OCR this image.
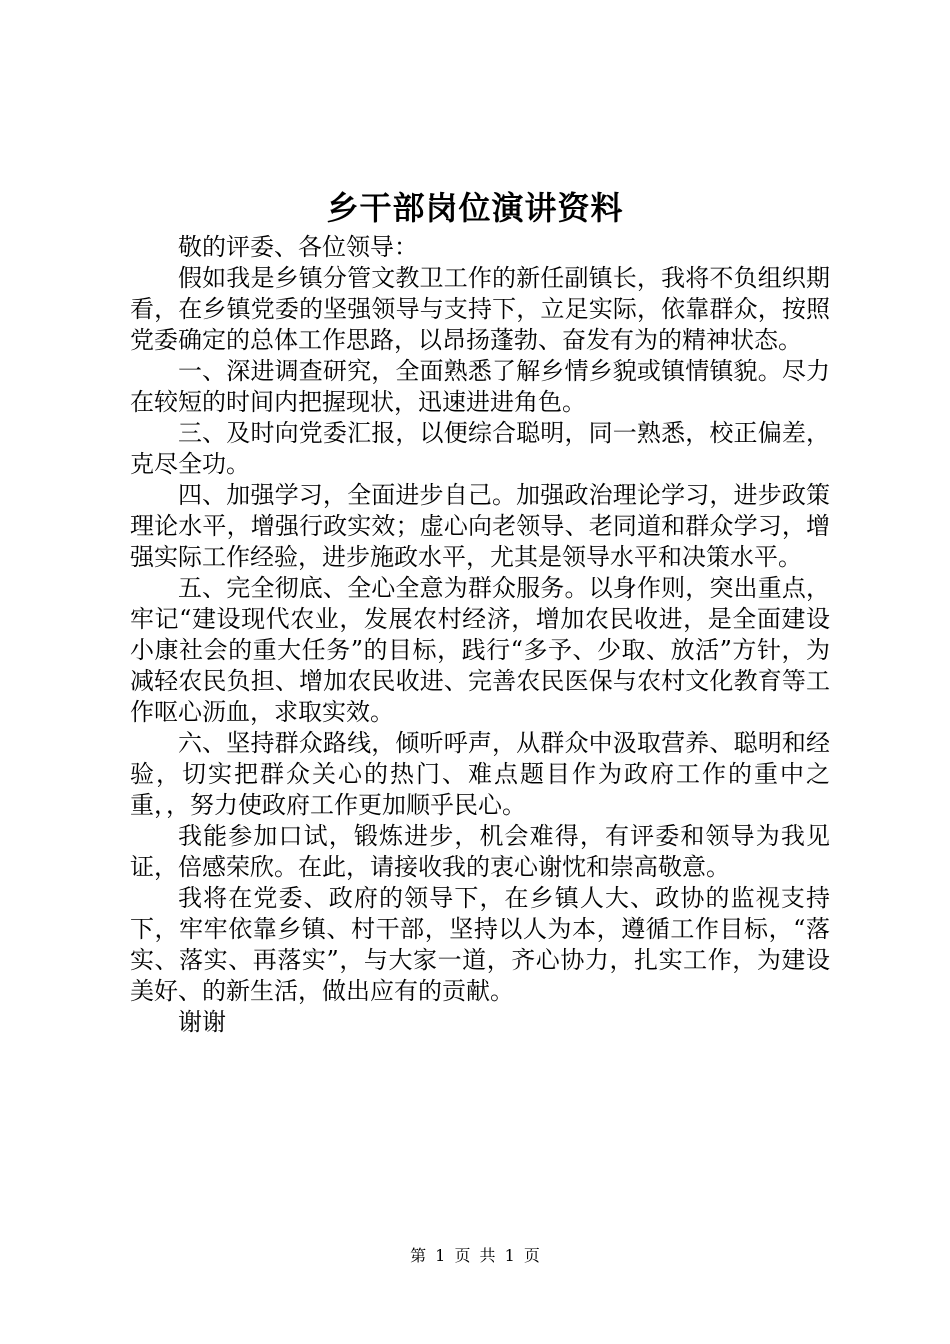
乡干部岗位演讲资料

敬的评委、各位领导：

假如我是乡镇分管文教卫工作的新任副镇长，我将不负组织期看，在乡镇党委的坚强领导与支持下，立足实际，依靠群众，按照党委确定的总体工作思路，以昂扬蓬勃、奋发有为的精神状态。

一、深进调查研究，全面熟悉了解乡情乡貌或镇情镇貌。尽力在较短的时间内把握现状，迅速进进角色。

三、及时向党委汇报，以便综合聪明，同一熟悉，校正偏差，克尽全功。

四、加强学习，全面进步自己。加强政治理论学习，进步政策理论水平，增强行政实效；虚心向老领导、老同道和群众学习，增强实际工作经验，进步施政水平，尤其是领导水平和决策水平。

五、完全彻底、全心全意为群众服务。以身作则，突出重点，牢记“建设现代农业，发展农村经济，增加农民收进，是全面建设小康社会的重大任务”的目标，践行“多予、少取、放活”方针，为减轻农民负担、增加农民收进、完善农民医保与农村文化教育等工作呕心沥血，求取实效。

六、坚持群众路线，倾听呼声，从群众中汲取营养、聪明和经验，切实把群众关心的热门、难点题目作为政府工作的重中之重，，努力使政府工作更加顺乎民心。

我能参加口试，锻炼进步，机会难得，有评委和领导为我见证，倍感荣欣。在此，请接收我的衷心谢忱和崇高敬意。

我将在党委、政府的领导下，在乡镇人大、政协的监视支持下，牢牢依靠乡镇、村干部，坚持以人为本，遵循工作目标，“落实、落实、再落实”，与大家一道，齐心协力，扎实工作，为建设美好、的新生活，做出应有的贡献。

谢谢

第 1 页 共 1 页
